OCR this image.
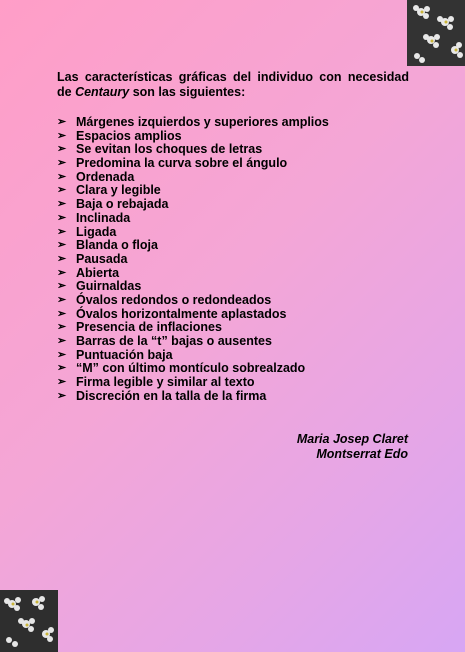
Las características gráficas del individuo con necesidad de Centaury son las siguientes:

➢ Márgenes izquierdos y superiores amplios
➢ Espacios amplios
➢ Se evitan los choques de letras
➢ Predomina la curva sobre el ángulo
➢ Ordenada
➢ Clara y legible
➢ Baja o rebajada
➢ Inclinada
➢ Ligada
➢ Blanda o floja
➢ Pausada
➢ Abierta
➢ Guirnaldas
➢ Óvalos redondos o redondeados
➢ Óvalos horizontalmente aplastados
➢ Presencia de inflaciones
➢ Barras de la “t” bajas o ausentes
➢ Puntuación baja
➢ “M” con último montículo sobrealzado
➢ Firma legible y similar al texto
➢ Discreción en la talla de la firma
Maria Josep Claret
Montserrat Edo
